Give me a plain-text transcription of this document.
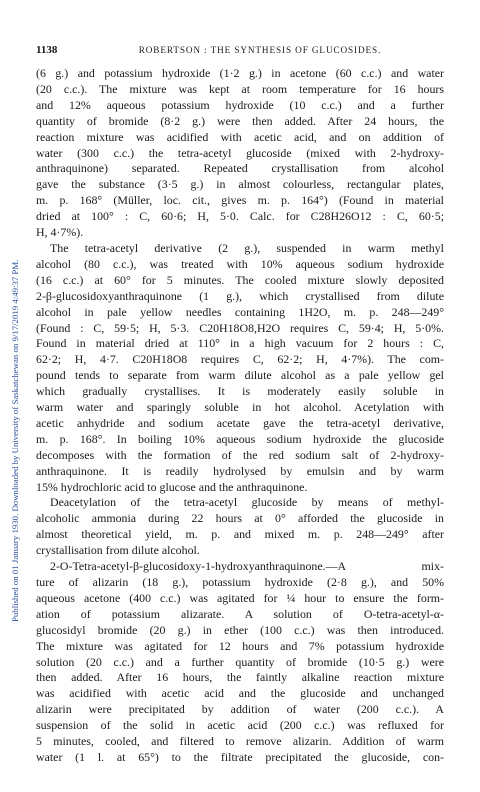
Published on 01 January 1930. Downloaded by University of Saskatchewan on 9/17/2019 4:49:37 PM.
1138	ROBERTSON : THE SYNTHESIS OF GLUCOSIDES.
(6 g.) and potassium hydroxide (1·2 g.) in acetone (60 c.c.) and water
(20 c.c.). The mixture was kept at room temperature for 16 hours
and 12% aqueous potassium hydroxide (10 c.c.) and a further
quantity of bromide (8·2 g.) were then added. After 24 hours, the
reaction mixture was acidified with acetic acid, and on addition of
water (300 c.c.) the tetra-acetyl glucoside (mixed with 2-hydroxy-
anthraquinone) separated. Repeated crystallisation from alcohol
gave the substance (3·5 g.) in almost colourless, rectangular plates,
m. p. 168° (Müller, loc. cit., gives m. p. 164°) (Found in material
dried at 100° : C, 60·6; H, 5·0. Calc. for C28H26O12 : C, 60·5;
H, 4·7%).
The tetra-acetyl derivative (2 g.), suspended in warm methyl
alcohol (80 c.c.), was treated with 10% aqueous sodium hydroxide
(16 c.c.) at 60° for 5 minutes. The cooled mixture slowly deposited
2-β-glucosidoxyanthraquinone (1 g.), which crystallised from dilute
alcohol in pale yellow needles containing 1H2O, m. p. 248—249°
(Found : C, 59·5; H, 5·3. C20H18O8,H2O requires C, 59·4; H, 5·0%.
Found in material dried at 110° in a high vacuum for 2 hours : C,
62·2; H, 4·7. C20H18O8 requires C, 62·2; H, 4·7%). The com-
pound tends to separate from warm dilute alcohol as a pale yellow gel
which gradually crystallises. It is moderately easily soluble in
warm water and sparingly soluble in hot alcohol. Acetylation with
acetic anhydride and sodium acetate gave the tetra-acetyl derivative,
m. p. 168°. In boiling 10% aqueous sodium hydroxide the glucoside
decomposes with the formation of the red sodium salt of 2-hydroxy-
anthraquinone. It is readily hydrolysed by emulsin and by warm
15% hydrochloric acid to glucose and the anthraquinone.
Deacetylation of the tetra-acetyl glucoside by means of methyl-
alcoholic ammonia during 22 hours at 0° afforded the glucoside in
almost theoretical yield, m. p. and mixed m. p. 248—249° after
crystallisation from dilute alcohol.
2-O-Tetra-acetyl-β-glucosidoxy-1-hydroxyanthraquinone.—A mix-
ture of alizarin (18 g.), potassium hydroxide (2·8 g.), and 50%
aqueous acetone (400 c.c.) was agitated for ¼ hour to ensure the form-
ation of potassium alizarate. A solution of O-tetra-acetyl-α-
glucosidyl bromide (20 g.) in ether (100 c.c.) was then introduced.
The mixture was agitated for 12 hours and 7% potassium hydroxide
solution (20 c.c.) and a further quantity of bromide (10·5 g.) were
then added. After 16 hours, the faintly alkaline reaction mixture
was acidified with acetic acid and the glucoside and unchanged
alizarin were precipitated by addition of water (200 c.c.). A
suspension of the solid in acetic acid (200 c.c.) was refluxed for
5 minutes, cooled, and filtered to remove alizarin. Addition of warm
water (1 l. at 65°) to the filtrate precipitated the glucoside, con-
